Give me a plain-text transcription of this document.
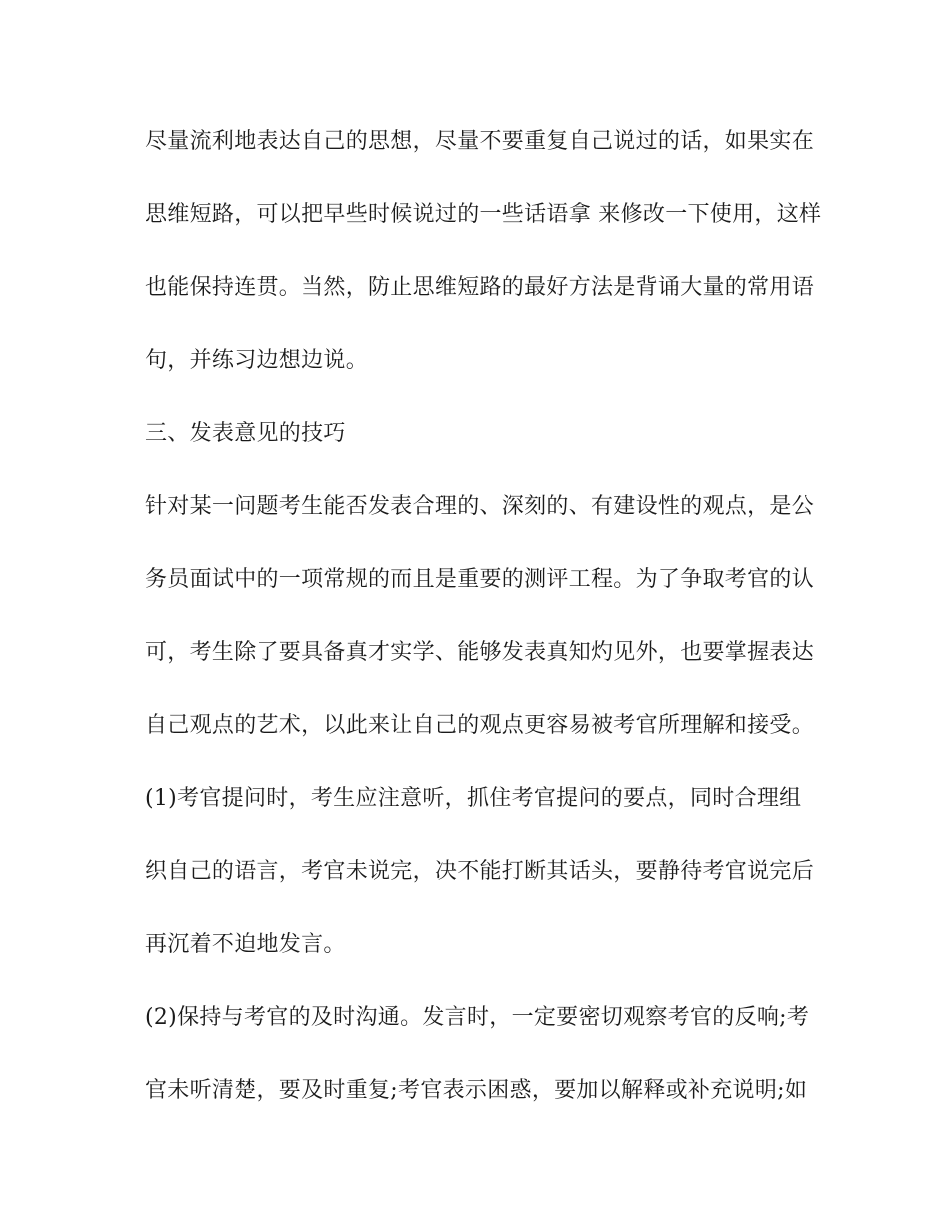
尽量流利地表达自己的思想，尽量不要重复自己说过的话，如果实在
思维短路，可以把早些时候说过的一些话语拿 来修改一下使用，这样
也能保持连贯。当然，防止思维短路的最好方法是背诵大量的常用语
句，并练习边想边说。
三、发表意见的技巧
针对某一问题考生能否发表合理的、深刻的、有建设性的观点，是公
务员面试中的一项常规的而且是重要的测评工程。为了争取考官的认
可，考生除了要具备真才实学、能够发表真知灼见外，也要掌握表达
自己观点的艺术，以此来让自己的观点更容易被考官所理解和接受。
(1)考官提问时，考生应注意听，抓住考官提问的要点，同时合理组
织自己的语言，考官未说完，决不能打断其话头，要静待考官说完后
再沉着不迫地发言。
(2)保持与考官的及时沟通。发言时，一定要密切观察考官的反响;考
官未听清楚，要及时重复;考官表示困惑，要加以解释或补充说明;如
